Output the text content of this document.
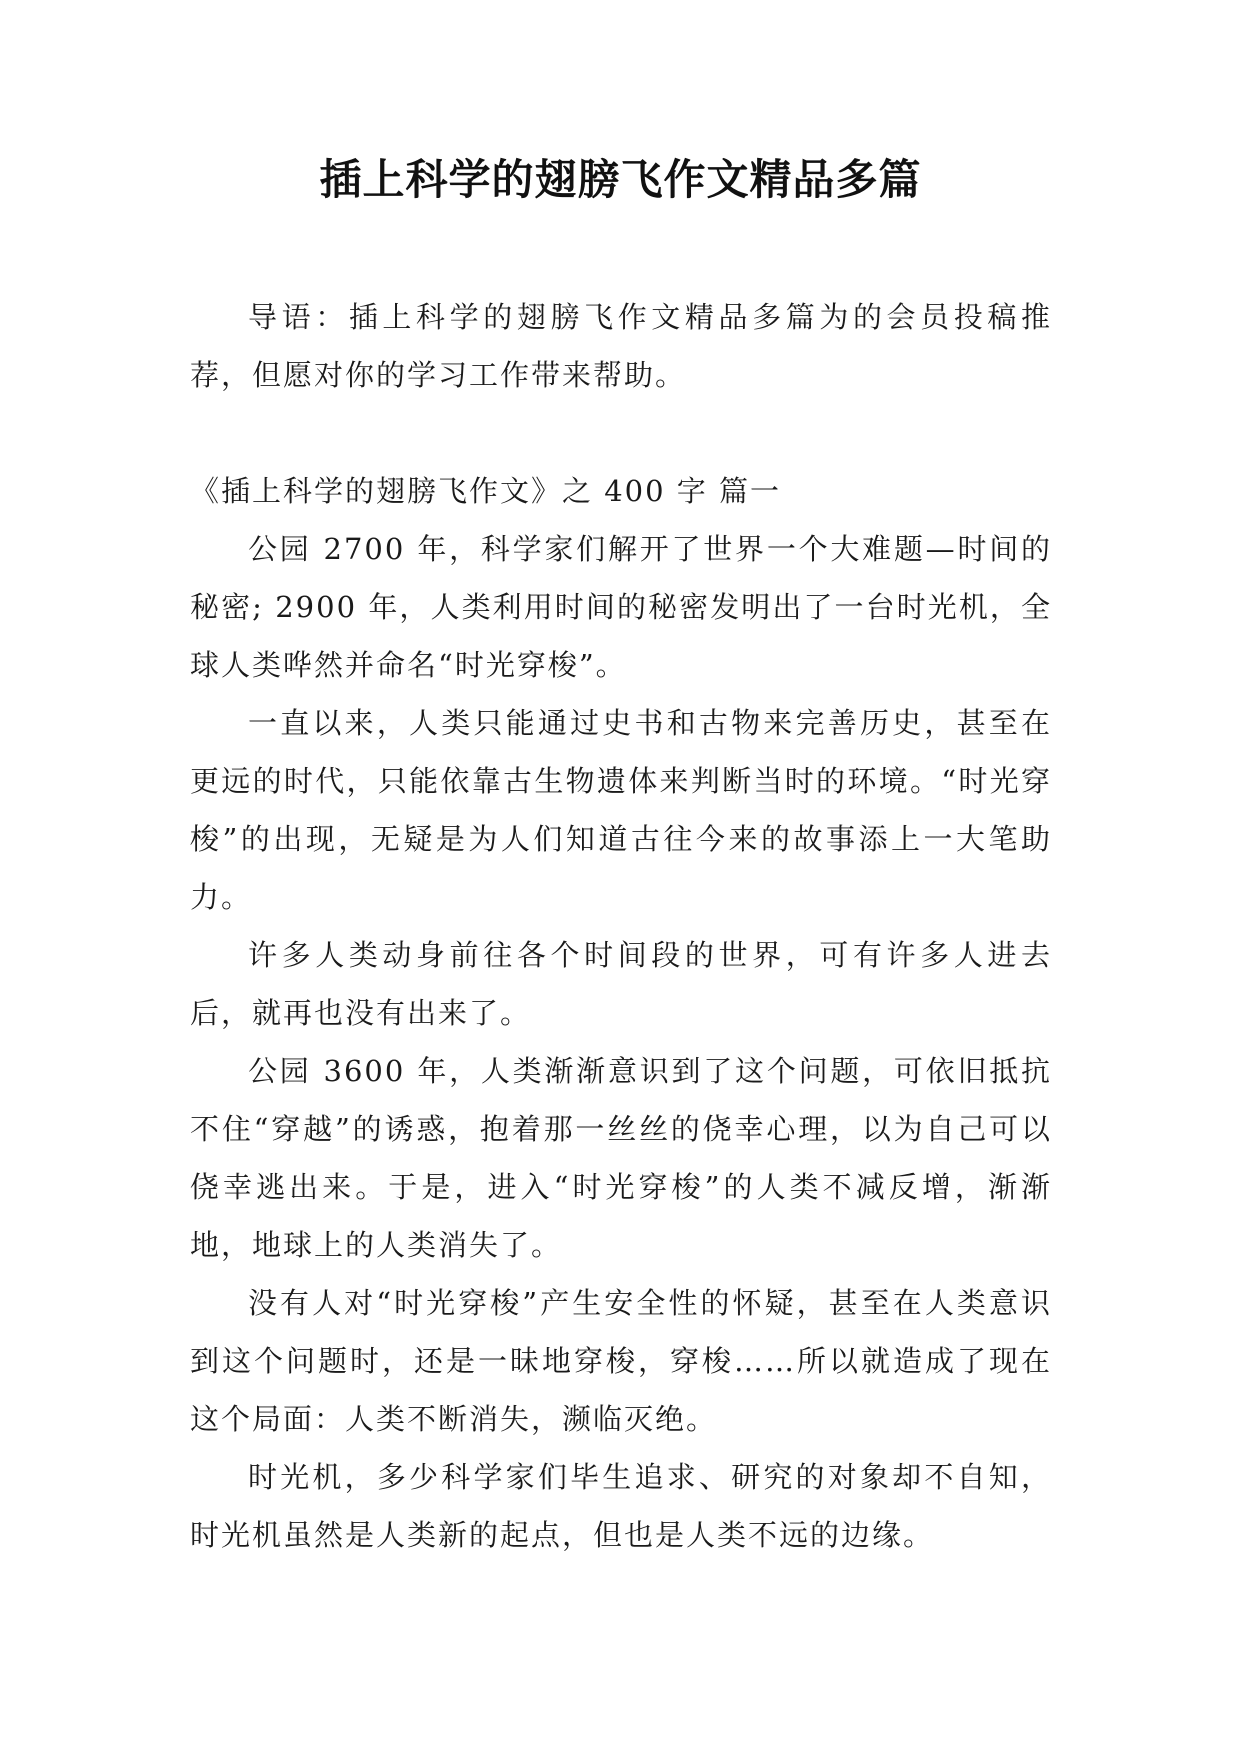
插上科学的翅膀飞作文精品多篇

导语：插上科学的翅膀飞作文精品多篇为的会员投稿推荐，但愿对你的学习工作带来帮助。

《插上科学的翅膀飞作文》之 400 字 篇一

公园 2700 年，科学家们解开了世界一个大难题—时间的秘密; 2900 年，人类利用时间的秘密发明出了一台时光机，全球人类哗然并命名“时光穿梭”。

一直以来，人类只能通过史书和古物来完善历史，甚至在更远的时代，只能依靠古生物遗体来判断当时的环境。“时光穿梭”的出现，无疑是为人们知道古往今来的故事添上一大笔助力。

许多人类动身前往各个时间段的世界，可有许多人进去后，就再也没有出来了。

公园 3600 年，人类渐渐意识到了这个问题，可依旧抵抗不住“穿越”的诱惑，抱着那一丝丝的侥幸心理，以为自己可以侥幸逃出来。于是，进入“时光穿梭”的人类不减反增，渐渐地，地球上的人类消失了。

没有人对“时光穿梭”产生安全性的怀疑，甚至在人类意识到这个问题时，还是一昧地穿梭，穿梭……所以就造成了现在这个局面：人类不断消失，濒临灭绝。

时光机，多少科学家们毕生追求、研究的对象却不自知，时光机虽然是人类新的起点，但也是人类不远的边缘。
